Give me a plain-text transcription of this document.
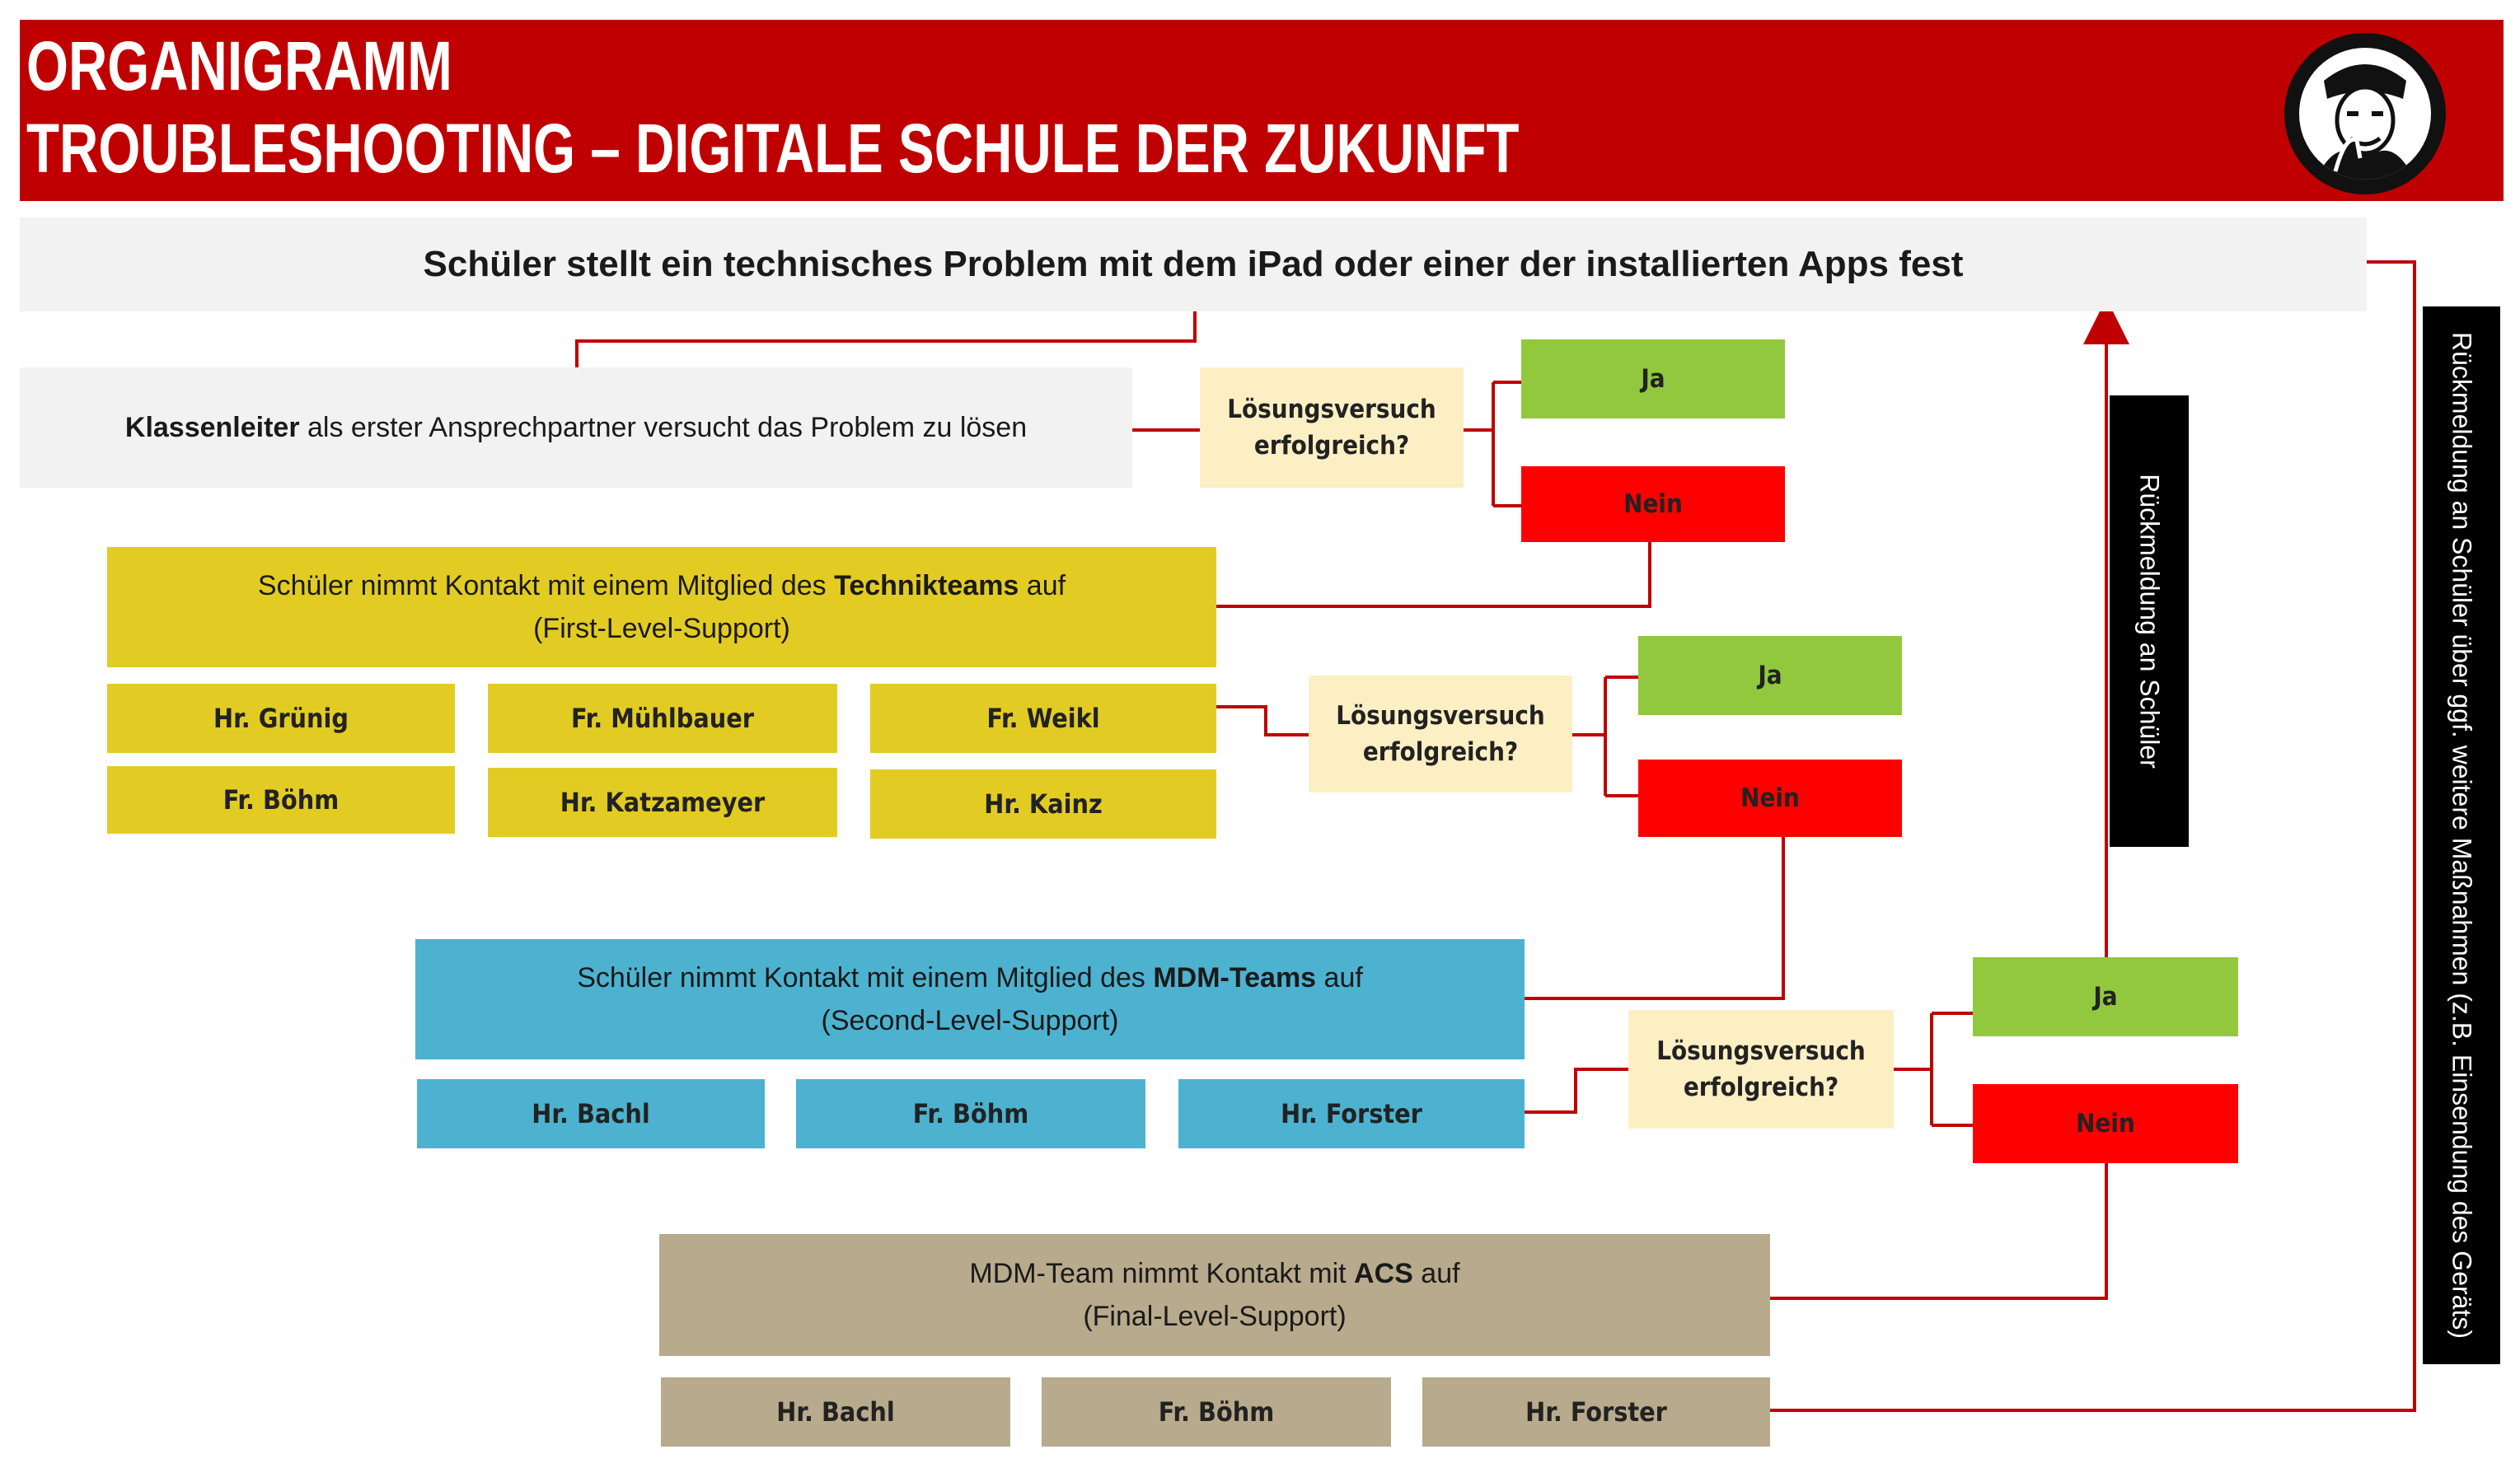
ORGANIGRAMM
TROUBLESHOOTING – DIGITALE SCHULE DER ZUKUNFT
Schüler stellt ein technisches Problem mit dem iPad oder einer der installierten Apps fest
Klassenleiter als erster Ansprechpartner versucht das Problem zu lösen
Lösungsversuch
erfolgreich?
Ja
Nein
Schüler nimmt Kontakt mit einem Mitglied des Technikteams auf
(First-Level-Support)
Hr. Grünig	Fr. Mühlbauer	Fr. Weikl
Fr. Böhm	Hr. Katzameyer	Hr. Kainz
Lösungsversuch
erfolgreich?
Ja
Nein
Schüler nimmt Kontakt mit einem Mitglied des MDM-Teams auf
(Second-Level-Support)
Hr. Bachl	Fr. Böhm	Hr. Forster
Lösungsversuch
erfolgreich?
Ja
Nein
MDM-Team nimmt Kontakt mit ACS auf
(Final-Level-Support)
Hr. Bachl	Fr. Böhm	Hr. Forster
Rückmeldung an Schüler	Rückmeldung an Schüler über ggf. weitere Maßnahmen (z.B. Einsendung des Geräts)
